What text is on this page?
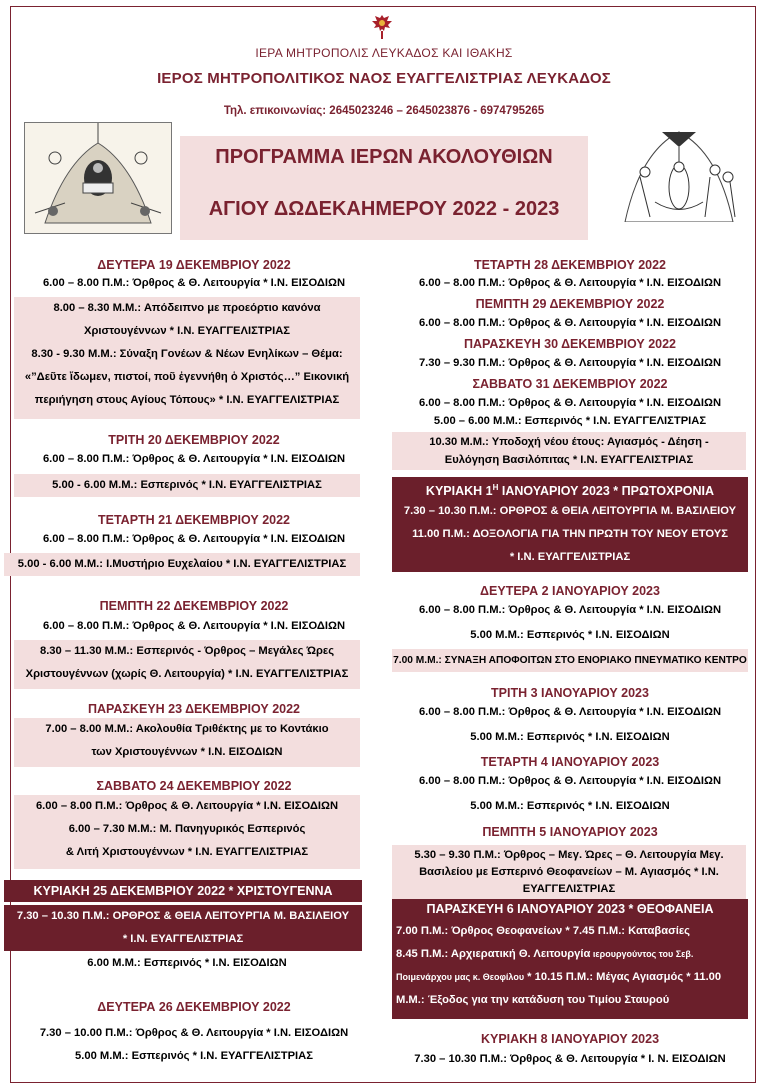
ΙΕΡΑ ΜΗΤΡΟΠΟΛΙΣ ΛΕΥΚΑΔΟΣ ΚΑΙ ΙΘΑΚΗΣ
ΙΕΡΟΣ ΜΗΤΡΟΠΟΛΙΤΙΚΟΣ ΝΑΟΣ ΕΥΑΓΓΕΛΙΣΤΡΙΑΣ ΛΕΥΚΑΔΟΣ
Τηλ. επικοινωνίας: 2645023246 – 2645023876 - 6974795265
ΠΡΟΓΡΑΜΜΑ ΙΕΡΩΝ ΑΚΟΛΟΥΘΙΩΝ
ΑΓΙΟΥ ΔΩΔΕΚΑΗΜΕΡΟΥ 2022 - 2023
ΔΕΥΤΕΡΑ 19 ΔΕΚΕΜΒΡΙΟΥ 2022
6.00 – 8.00 Π.Μ.: Όρθρος & Θ. Λειτουργία * Ι.Ν. ΕΙΣΟΔΙΩΝ
8.00 – 8.30 Μ.Μ.: Απόδειπνο με προεόρτιο κανόνα
Χριστουγέννων * Ι.Ν. ΕΥΑΓΓΕΛΙΣΤΡΙΑΣ
8.30 - 9.30 Μ.Μ.: Σύναξη Γονέων & Νέων Ενηλίκων – Θέμα:
«”Δεῦτε ἴδωμεν, πιστοί, ποῦ ἐγεννήθη ὁ Χριστός…” Εικονική
περιήγηση στους Αγίους Τόπους» * Ι.Ν. ΕΥΑΓΓΕΛΙΣΤΡΙΑΣ
ΤΡΙΤΗ 20 ΔΕΚΕΜΒΡΙΟΥ 2022
6.00 – 8.00 Π.Μ.: Όρθρος & Θ. Λειτουργία * Ι.Ν. ΕΙΣΟΔΙΩΝ
5.00 - 6.00 Μ.Μ.: Εσπερινός * Ι.Ν. ΕΥΑΓΓΕΛΙΣΤΡΙΑΣ
ΤΕΤΑΡΤΗ 21 ΔΕΚΕΜΒΡΙΟΥ 2022
6.00 – 8.00 Π.Μ.: Όρθρος & Θ. Λειτουργία * Ι.Ν. ΕΙΣΟΔΙΩΝ
5.00 - 6.00 Μ.Μ.: Ι.Μυστήριο Ευχελαίου * Ι.Ν. ΕΥΑΓΓΕΛΙΣΤΡΙΑΣ
ΠΕΜΠΤΗ 22 ΔΕΚΕΜΒΡΙΟΥ 2022
6.00 – 8.00 Π.Μ.: Όρθρος & Θ. Λειτουργία * Ι.Ν. ΕΙΣΟΔΙΩΝ
8.30 – 11.30 Μ.Μ.: Εσπερινός - Όρθρος – Μεγάλες Ώρες
Χριστουγέννων (χωρίς Θ. Λειτουργία) * Ι.Ν. ΕΥΑΓΓΕΛΙΣΤΡΙΑΣ
ΠΑΡΑΣΚΕΥΗ 23 ΔΕΚΕΜΒΡΙΟΥ 2022
7.00 – 8.00 Μ.Μ.: Ακολουθία Τριθέκτης με το Κοντάκιο
των Χριστουγέννων * Ι.Ν. ΕΙΣΟΔΙΩΝ
ΣΑΒΒΑΤΟ 24 ΔΕΚΕΜΒΡΙΟΥ 2022
6.00 – 8.00 Π.Μ.: Όρθρος & Θ. Λειτουργία * Ι.Ν. ΕΙΣΟΔΙΩΝ
6.00 – 7.30 Μ.Μ.: Μ. Πανηγυρικός Εσπερινός
& Λιτή Χριστουγέννων * Ι.Ν. ΕΥΑΓΓΕΛΙΣΤΡΙΑΣ
ΚΥΡΙΑΚΗ 25 ΔΕΚΕΜΒΡΙΟΥ 2022 * ΧΡΙΣΤΟΥΓΕΝΝΑ
7.30 – 10.30 Π.Μ.: ΟΡΘΡΟΣ & ΘΕΙΑ ΛΕΙΤΟΥΡΓΙΑ Μ. ΒΑΣΙΛΕΙΟΥ
* Ι.Ν. ΕΥΑΓΓΕΛΙΣΤΡΙΑΣ
6.00 Μ.Μ.: Εσπερινός * Ι.Ν. ΕΙΣΟΔΙΩΝ
ΔΕΥΤΕΡΑ 26 ΔΕΚΕΜΒΡΙΟΥ 2022
7.30 – 10.00 Π.Μ.: Όρθρος & Θ. Λειτουργία * Ι.Ν. ΕΙΣΟΔΙΩΝ
5.00 Μ.Μ.: Εσπερινός * Ι.Ν. ΕΥΑΓΓΕΛΙΣΤΡΙΑΣ
ΤΕΤΑΡΤΗ 28 ΔΕΚΕΜΒΡΙΟΥ 2022
6.00 – 8.00 Π.Μ.: Όρθρος & Θ. Λειτουργία * Ι.Ν. ΕΙΣΟΔΙΩΝ
ΠΕΜΠΤΗ 29 ΔΕΚΕΜΒΡΙΟΥ 2022
6.00 – 8.00 Π.Μ.: Όρθρος & Θ. Λειτουργία * Ι.Ν. ΕΙΣΟΔΙΩΝ
ΠΑΡΑΣΚΕΥΗ 30 ΔΕΚΕΜΒΡΙΟΥ 2022
7.30 – 9.30 Π.Μ.: Όρθρος & Θ. Λειτουργία * Ι.Ν. ΕΙΣΟΔΙΩΝ
ΣΑΒΒΑΤΟ 31 ΔΕΚΕΜΒΡΙΟΥ 2022
6.00 – 8.00 Π.Μ.: Όρθρος & Θ. Λειτουργία * Ι.Ν. ΕΙΣΟΔΙΩΝ
5.00 – 6.00 Μ.Μ.: Εσπερινός * Ι.Ν. ΕΥΑΓΓΕΛΙΣΤΡΙΑΣ
10.30 Μ.Μ.: Υποδοχή νέου έτους: Αγιασμός - Δέηση -
Ευλόγηση Βασιλόπιτας * Ι.Ν. ΕΥΑΓΓΕΛΙΣΤΡΙΑΣ
ΚΥΡΙΑΚΗ $1^H$ ΙΑΝΟΥΑΡΙΟΥ 2023 * ΠΡΩΤΟΧΡΟΝΙΑ
7.30 – 10.30 Π.Μ.: ΟΡΘΡΟΣ & ΘΕΙΑ ΛΕΙΤΟΥΡΓΙΑ Μ. ΒΑΣΙΛΕΙΟΥ
11.00 Π.Μ.: ΔΟΞΟΛΟΓΙΑ ΓΙΑ ΤΗΝ ΠΡΩΤΗ ΤΟΥ ΝΕΟΥ ΕΤΟΥΣ
* Ι.Ν. ΕΥΑΓΓΕΛΙΣΤΡΙΑΣ
ΔΕΥΤΕΡΑ 2 ΙΑΝΟΥΑΡΙΟΥ 2023
6.00 – 8.00 Π.Μ.: Όρθρος & Θ. Λειτουργία * Ι.Ν. ΕΙΣΟΔΙΩΝ
5.00 Μ.Μ.: Εσπερινός * Ι.Ν. ΕΙΣΟΔΙΩΝ
7.00 Μ.Μ.: ΣΥΝΑΞΗ ΑΠΟΦΟΙΤΩΝ ΣΤΟ ΕΝΟΡΙΑΚΟ ΠΝΕΥΜΑΤΙΚΟ ΚΕΝΤΡΟ
ΤΡΙΤΗ 3 ΙΑΝΟΥΑΡΙΟΥ 2023
6.00 – 8.00 Π.Μ.: Όρθρος & Θ. Λειτουργία * Ι.Ν. ΕΙΣΟΔΙΩΝ
5.00 Μ.Μ.: Εσπερινός * Ι.Ν. ΕΙΣΟΔΙΩΝ
ΤΕΤΑΡΤΗ 4 ΙΑΝΟΥΑΡΙΟΥ 2023
6.00 – 8.00 Π.Μ.: Όρθρος & Θ. Λειτουργία * Ι.Ν. ΕΙΣΟΔΙΩΝ
5.00 Μ.Μ.: Εσπερινός * Ι.Ν. ΕΙΣΟΔΙΩΝ
ΠΕΜΠΤΗ 5 ΙΑΝΟΥΑΡΙΟΥ 2023
5.30 – 9.30 Π.Μ.: Όρθρος – Μεγ. Ώρες – Θ. Λειτουργία Μεγ.
Βασιλείου με Εσπερινό Θεοφανείων – Μ. Αγιασμός * Ι.Ν.
ΕΥΑΓΓΕΛΙΣΤΡΙΑΣ
ΠΑΡΑΣΚΕΥΗ 6 ΙΑΝΟΥΑΡΙΟΥ 2023 * ΘΕΟΦΑΝΕΙΑ
7.00 Π.Μ.: Όρθρος Θεοφανείων * 7.45 Π.Μ.: Καταβασίες
8.45 Π.Μ.: Αρχιερατική Θ. Λειτουργία ιερουργούντος του Σεβ.
Ποιμενάρχου μας κ. Θεοφίλου * 10.15 Π.Μ.: Μέγας Αγιασμός * 11.00
Μ.Μ.: Έξοδος για την κατάδυση του Τιμίου Σταυρού
ΚΥΡΙΑΚΗ 8 ΙΑΝΟΥΑΡΙΟΥ 2023
7.30 – 10.30 Π.Μ.: Όρθρος & Θ. Λειτουργία * Ι. Ν. ΕΙΣΟΔΙΩΝ
